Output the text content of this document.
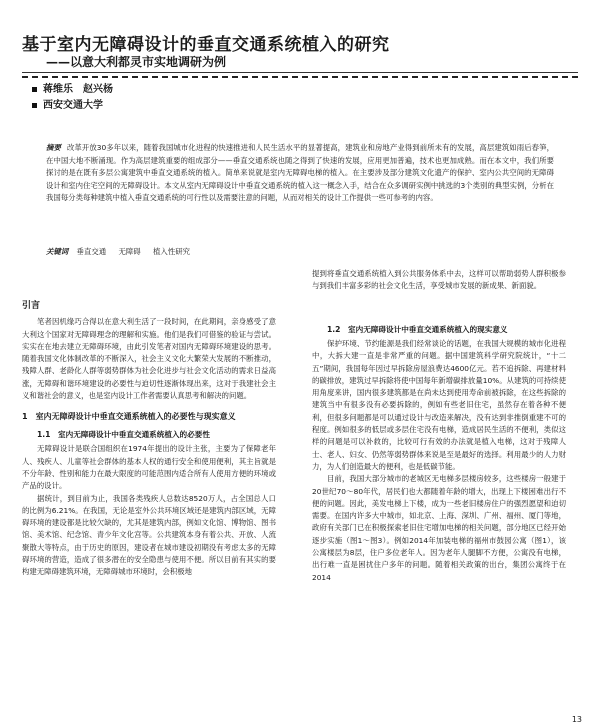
基于室内无障碍设计的垂直交通系统植入的研究
——以意大利都灵市实地调研为例
蒋维乐　赵兴杨
西安交通大学

摘要 改革开放30多年以来，随着我国城市化进程的快速推进和人民生活水平的显著提高，建筑业和房地产业得到前所未有的发展，高层建筑如雨后春笋，在中国大地不断涌现。作为高层建筑重要的组成部分——垂直交通系统也随之得到了快速的发展，应用更加普遍，技术也更加成熟。而在本文中，我们所要探讨的是在既有多层公寓建筑中垂直交通系统的植入。简单来说就是室内无障碍电梯的植入。在主要涉及部分建筑文化遗产的保护、室内公共空间的无障碍设计和室内住宅空间的无障碍设计。本文从室内无障碍设计中垂直交通系统的植入这一概念入手，结合在众多调研实例中挑选的3个类别的典型实例，分析在我国每分类每种建筑中植入垂直交通系统的可行性以及需要注意的问题，从而对相关的设计工作提供一些可参考的内容。

关键词 垂直交通 无障碍 植入性研究

提到将垂直交通系统植入到公共服务体系中去，这样可以帮助弱势人群积极参与到我们丰富多彩的社会文化生活，享受城市发展的新成果、新面貌。

引言

笔者因机缘巧合得以在意大利生活了一段时间，在此期间，亲身感受了意大利这个国家对无障碍理念的理解和实施。他们是我们可借鉴的验证与尝试。实实在在地去建立无障碍环境，由此引发笔者对国内无障碍环境建设的思考。随着我国文化体制改革的不断深入，社会主义文化大繁荣大发展的不断推动，残障人群、老龄化人群等弱势群体为社会化进步与社会文化活动的需求日益高涨，无障碍和谐环境建设的必要性与迫切性逐渐体现出来，这对于我建社会主义和谐社会的意义，也是室内设计工作者需要认真思考和解决的问题。

1　室内无障碍设计中垂直交通系统植入的必要性与现实意义
1.1　室内无障碍设计中垂直交通系统植入的必要性

无障碍设计是联合国组织在1974年提出的设计主张，主要为了保障老年人、残疾人、儿童等社会群体的基本人权的通行安全和使用便利，其主旨就是不分年龄、性别和能力在最大限度的可能范围内适合所有人使用方便的环境或产品的设计。

据统计，到目前为止，我国各类残疾人总数达8520万人，占全国总人口的比例为6.21%。在我国，无论是室外公共环境区域还是建筑内部区域，无障碍环境的建设都是比较欠缺的，尤其是建筑内部，例如文化馆、博物馆、图书馆、美术馆、纪念馆、青少年文化宫等。公共建筑本身有着公共、开放、人流聚散大等特点，由于历史的原因，建设者在城市建设初期没有考虑太多的无障碍环境的营造，造成了很多潜在的安全隐患与使用不便。所以目前有其实的要构建无障碍建筑环境，无障碍城市环境时，会积极地

1.2　室内无障碍设计中垂直交通系统植入的现实意义

保护环境、节约能源是我们经常谈论的话题，在我国大规模的城市化进程中，大拆大建一直是非常严重的问题。据中国建筑科学研究院统计，“十二五”期间，我国每年因过早拆除房屋浪费达4600亿元。若不追拆除、再建材料的碳排放，建筑过早拆除将使中国每年新增碳排放量10%。从建筑的可持续使用角度来讲，国内很多建筑都是在尚未达到使用寿命前被拆除，在这些拆除的建筑当中有很多没有必要拆除的，例如有些老旧住宅，虽然存在着各种不便利，但很多问题都是可以通过设计与改造来解决，没有达到非推倒重建不可的程度。例如很多的低层或多层住宅没有电梯，造成居民生活的不便利，类似这样的问题是可以补救的，比较可行有效的办法就是植入电梯，这对于残障人士、老人、妇女、仍然等弱势群体来说是至是最好的选择。利用最少的人力财力，为人们创造最大的便利，也是低碳节能。

目前，我国大部分城市的老城区无电梯多层楼房较多，这些楼房一般建于20世纪70～80年代，居民们也大都随着年龄的增大，出现上下楼困难出行不便的问题。因此，美发电梯上下楼，成为一些老旧楼房住户的强烈愿望和迫切需要。在国内许多大中城市，如北京、上海、深圳、广州、福州、厦门等地，政府有关部门已在积极探索老旧住宅增加电梯的相关问题，部分地区已经开始逐步实施（图1～图3）。例如2014年加装电梯的福州市鼓园公寓（图1），该公寓楼层为8层，住户多位老年人。因为老年人腿脚不方便，公寓没有电梯，出行难一直是困扰住户多年的问题。随着相关政策的出台，集团公寓终于在2014

13
